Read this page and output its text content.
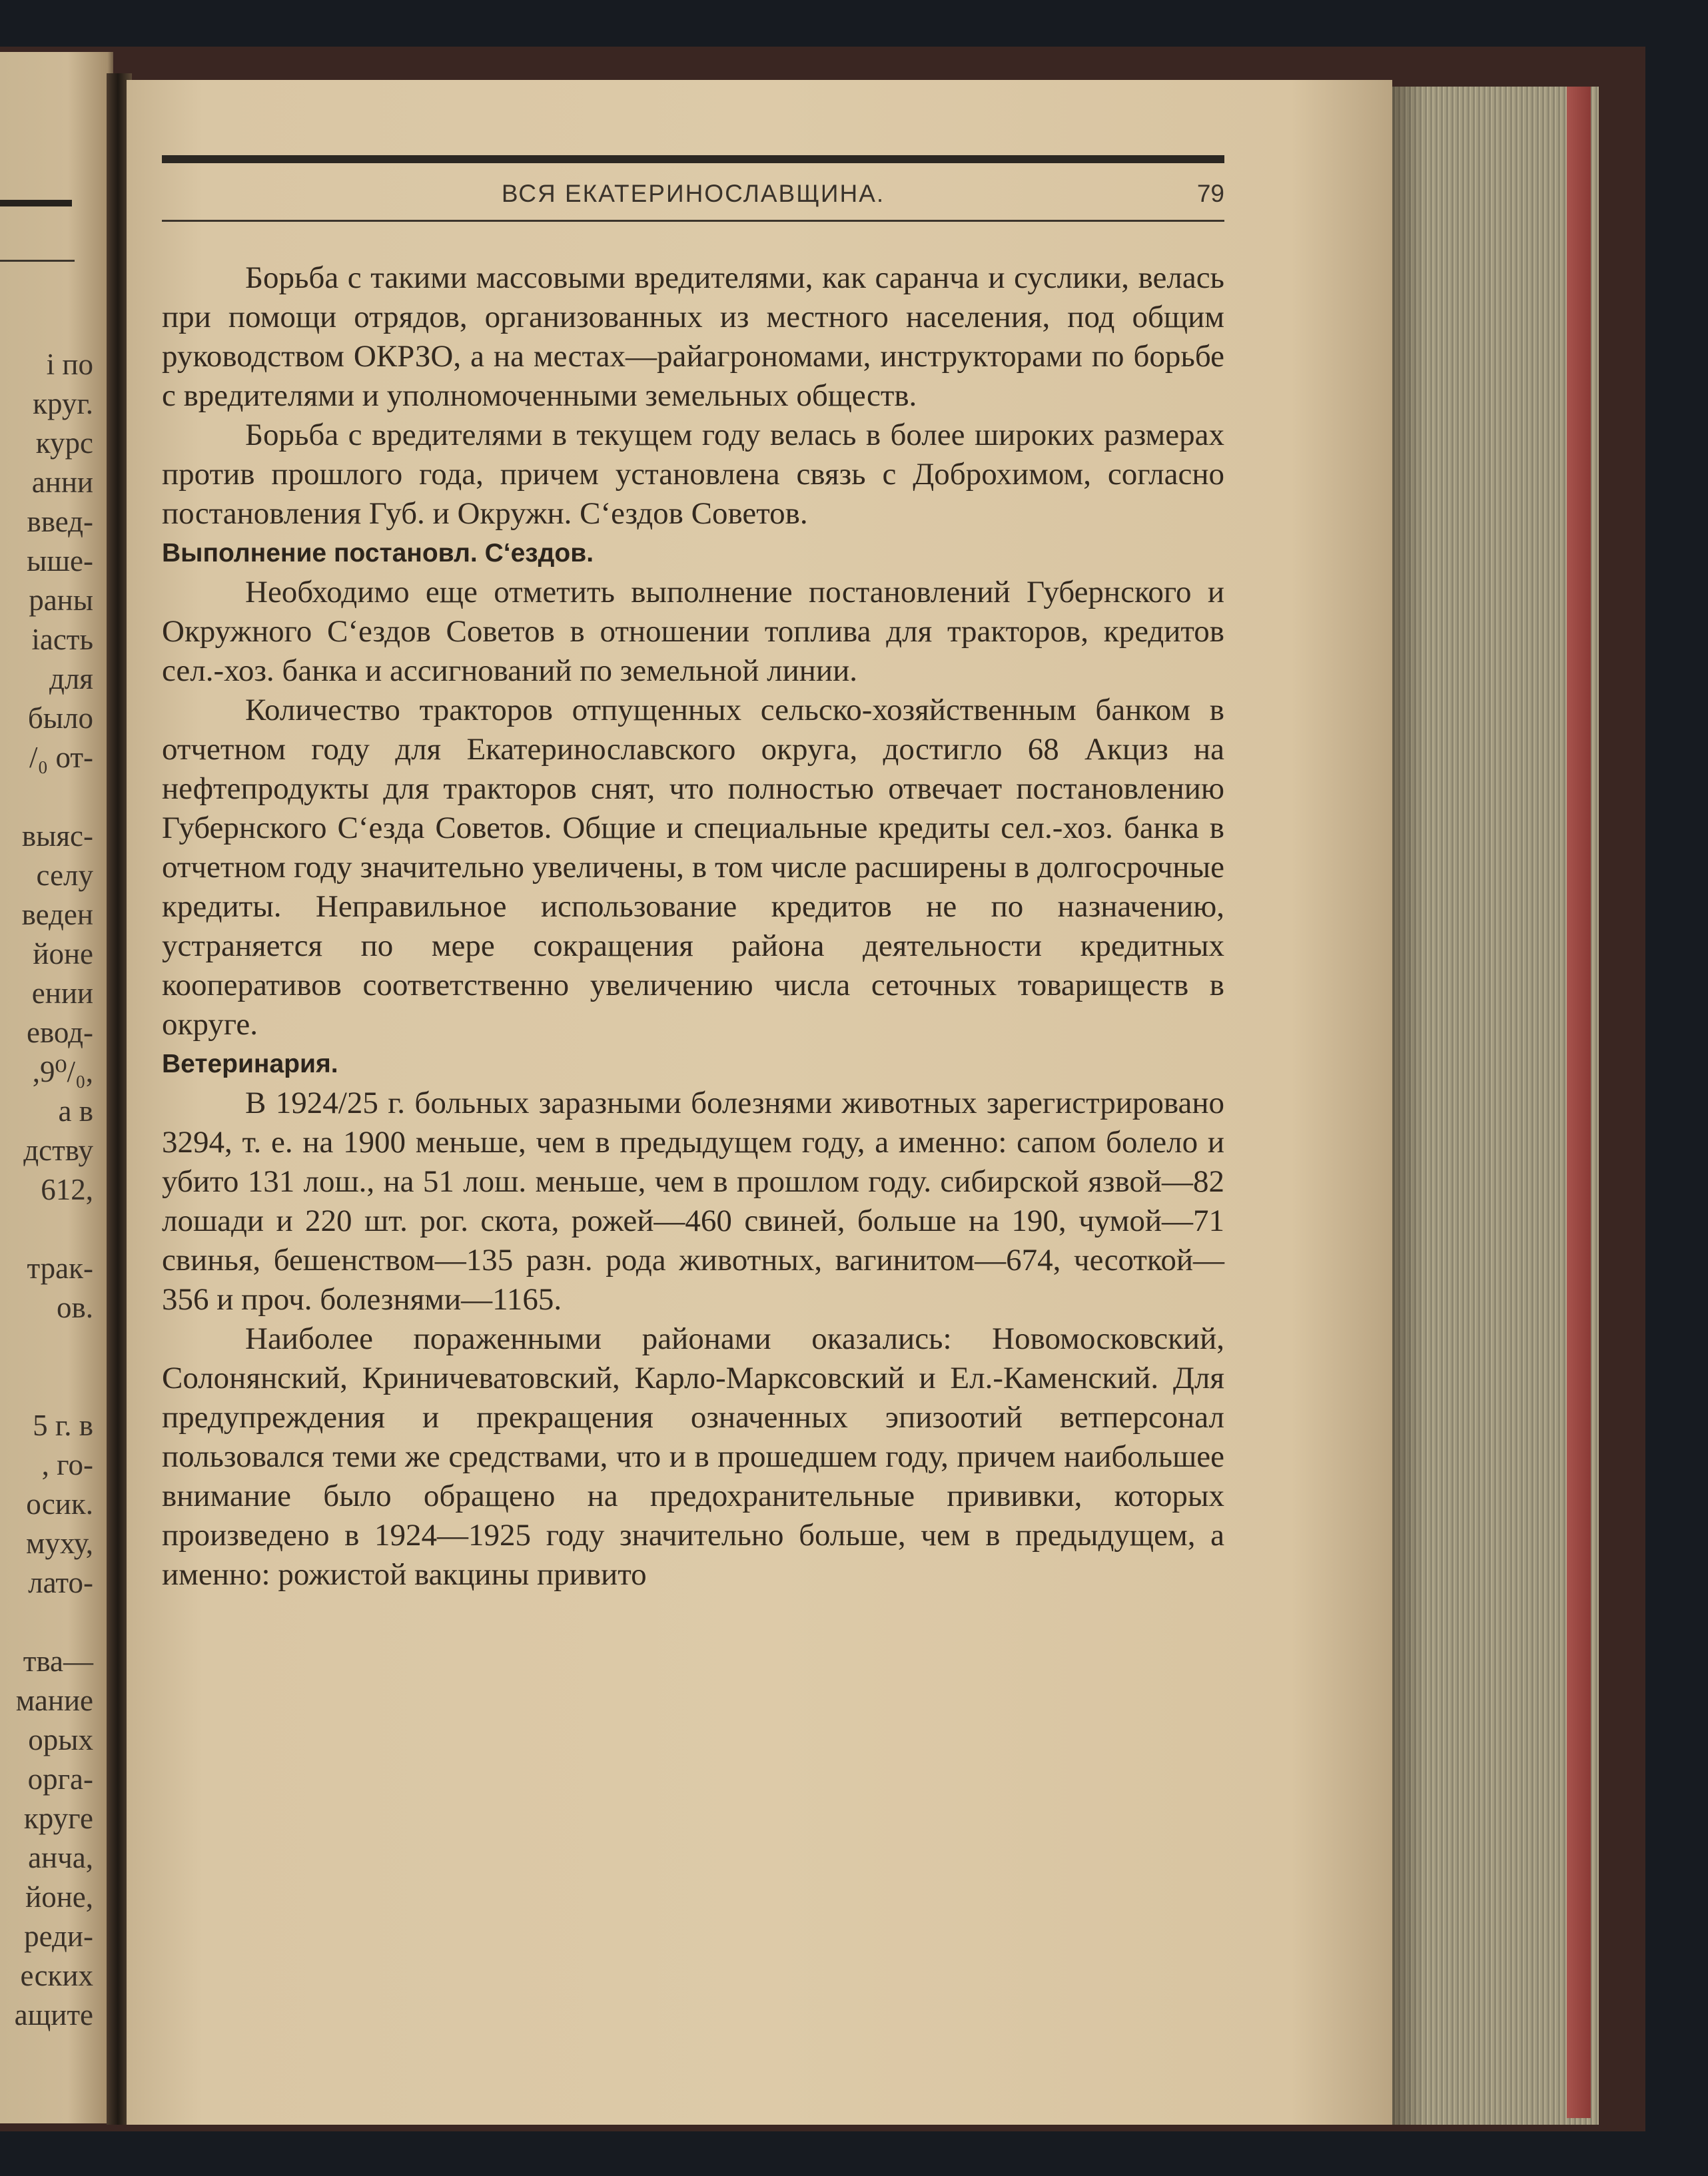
і по
круг.
курс
анни
введ-
ыше-
раны
іасть
для
было
/₀ от-
выяс-
селу
веден
йоне
ении
евод-
,9⁰/₀,
а в
дству
612,
трак-
ов.
5 г. в
, го-
осик.
муху,
лато-
тва—
мание
орых
орга-
круге
анча,
йоне,
реди-
еских
ащите
ВСЯ ЕКАТЕРИНОСЛАВЩИНА.	79

Борьба с такими массовыми вредителями, как саранча и суслики, велась при помощи отрядов, организованных из местного населения, под общим руководством ОКРЗО, а на местах—райагрономами, инструкторами по борьбе с вредителями и уполномоченными земельных обществ.

Борьба с вредителями в текущем году велась в более широких размерах против прошлого года, причем установлена связь с Доброхимом, согласно постановления Губ. и Окружн. С‘ездов Советов.

Выполнение постановл. С‘ездов.

Необходимо еще отметить выполнение постановлений Губернского и Окружного С‘ездов Советов в отношении топлива для тракторов, кредитов сел.-хоз. банка и ассигнований по земельной линии.

Количество тракторов отпущенных сельско-хозяйственным банком в отчетном году для Екатеринославского округа, достигло 68 Акциз на нефтепродукты для тракторов снят, что полностью отвечает постановлению Губернского С‘езда Советов. Общие и специальные кредиты сел.-хоз. банка в отчетном году значительно увеличены, в том числе расширены в долгосрочные кредиты. Неправильное использование кредитов не по назначению, устраняется по мере сокращения района деятельности кредитных кооперативов соответственно увеличению числа сеточных товариществ в округе.

Ветеринария.

В 1924/25 г. больных заразными болезнями животных зарегистрировано 3294, т. е. на 1900 меньше, чем в предыдущем году, а именно: сапом болело и убито 131 лош., на 51 лош. меньше, чем в прошлом году. сибирской язвой—82 лошади и 220 шт. рог. скота, рожей—460 свиней, больше на 190, чумой—71 свинья, бешенством—135 разн. рода животных, вагинитом—674, чесоткой—356 и проч. болезнями—1165.

Наиболее пораженными районами оказались: Новомосковский, Солонянский, Криничеватовский, Карло-Марксовский и Ел.-Каменский. Для предупреждения и прекращения означенных эпизоотий ветперсонал пользовался теми же средствами, что и в прошедшем году, причем наибольшее внимание было обращено на предохранительные прививки, которых произведено в 1924—1925 году значительно больше, чем в предыдущем, а именно: рожистой вакцины привито
